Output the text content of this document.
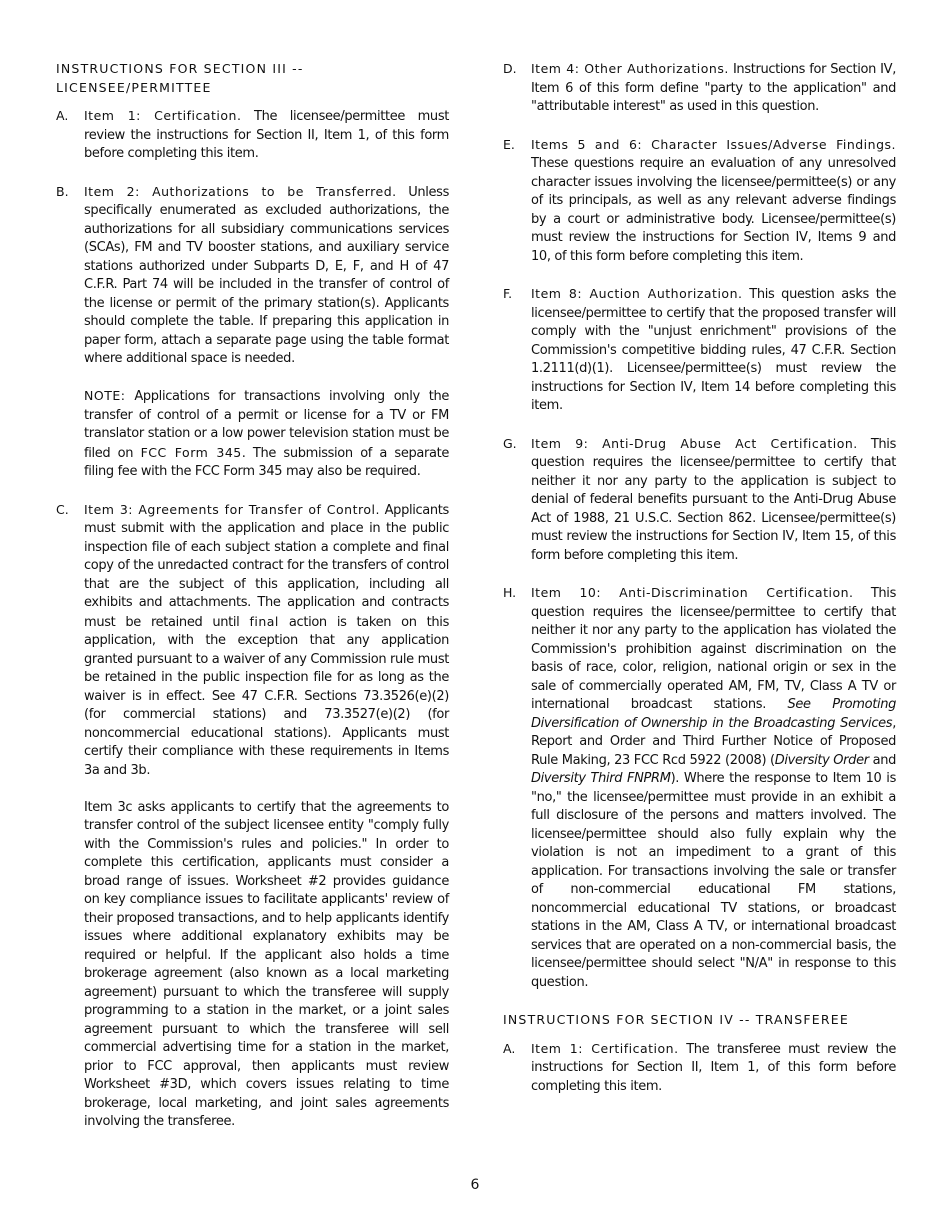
INSTRUCTIONS FOR SECTION III -- LICENSEE/PERMITTEE
A.	Item 1: Certification. The licensee/permittee must review the instructions for Section II, Item 1, of this form before completing this item.

B.	Item 2: Authorizations to be Transferred. Unless specifically enumerated as excluded authorizations, the authorizations for all subsidiary communications services (SCAs), FM and TV booster stations, and auxiliary service stations authorized under Subparts D, E, F, and H of 47 C.F.R. Part 74 will be included in the transfer of control of the license or permit of the primary station(s). Applicants should complete the table. If preparing this application in paper form, attach a separate page using the table format where additional space is needed.

NOTE: Applications for transactions involving only the transfer of control of a permit or license for a TV or FM translator station or a low power television station must be filed on FCC Form 345. The submission of a separate filing fee with the FCC Form 345 may also be required.

C.	Item 3: Agreements for Transfer of Control. Applicants must submit with the application and place in the public inspection file of each subject station a complete and final copy of the unredacted contract for the transfers of control that are the subject of this application, including all exhibits and attachments. The application and contracts must be retained until final action is taken on this application, with the exception that any application granted pursuant to a waiver of any Commission rule must be retained in the public inspection file for as long as the waiver is in effect. See 47 C.F.R. Sections 73.3526(e)(2) (for commercial stations) and 73.3527(e)(2) (for noncommercial educational stations). Applicants must certify their compliance with these requirements in Items 3a and 3b.

Item 3c asks applicants to certify that the agreements to transfer control of the subject licensee entity "comply fully with the Commission's rules and policies." In order to complete this certification, applicants must consider a broad range of issues. Worksheet #2 provides guidance on key compliance issues to facilitate applicants' review of their proposed transactions, and to help applicants identify issues where additional explanatory exhibits may be required or helpful. If the applicant also holds a time brokerage agreement (also known as a local marketing agreement) pursuant to which the transferee will supply programming to a station in the market, or a joint sales agreement pursuant to which the transferee will sell commercial advertising time for a station in the market, prior to FCC approval, then applicants must review Worksheet #3D, which covers issues relating to time brokerage, local marketing, and joint sales agreements involving the transferee.

D.	Item 4: Other Authorizations. Instructions for Section IV, Item 6 of this form define "party to the application" and "attributable interest" as used in this question.

E.	Items 5 and 6: Character Issues/Adverse Findings. These questions require an evaluation of any unresolved character issues involving the licensee/permittee(s) or any of its principals, as well as any relevant adverse findings by a court or administrative body. Licensee/permittee(s) must review the instructions for Section IV, Items 9 and 10, of this form before completing this item.

F.	Item 8: Auction Authorization. This question asks the licensee/permittee to certify that the proposed transfer will comply with the "unjust enrichment" provisions of the Commission's competitive bidding rules, 47 C.F.R. Section 1.2111(d)(1). Licensee/permittee(s) must review the instructions for Section IV, Item 14 before completing this item.

G.	Item 9: Anti-Drug Abuse Act Certification. This question requires the licensee/permittee to certify that neither it nor any party to the application is subject to denial of federal benefits pursuant to the Anti-Drug Abuse Act of 1988, 21 U.S.C. Section 862. Licensee/permittee(s) must review the instructions for Section IV, Item 15, of this form before completing this item.

H.	Item 10: Anti-Discrimination Certification. This question requires the licensee/permittee to certify that neither it nor any party to the application has violated the Commission's prohibition against discrimination on the basis of race, color, religion, national origin or sex in the sale of commercially operated AM, FM, TV, Class A TV or international broadcast stations. See Promoting Diversification of Ownership in the Broadcasting Services, Report and Order and Third Further Notice of Proposed Rule Making, 23 FCC Rcd 5922 (2008) (Diversity Order and Diversity Third FNPRM). Where the response to Item 10 is "no," the licensee/permittee must provide in an exhibit a full disclosure of the persons and matters involved. The licensee/permittee should also fully explain why the violation is not an impediment to a grant of this application. For transactions involving the sale or transfer of non-commercial educational FM stations, noncommercial educational TV stations, or broadcast stations in the AM, Class A TV, or international broadcast services that are operated on a non-commercial basis, the licensee/permittee should select "N/A" in response to this question.

INSTRUCTIONS FOR SECTION IV -- TRANSFEREE
A.	Item 1: Certification. The transferee must review the instructions for Section II, Item 1, of this form before completing this item.

6
